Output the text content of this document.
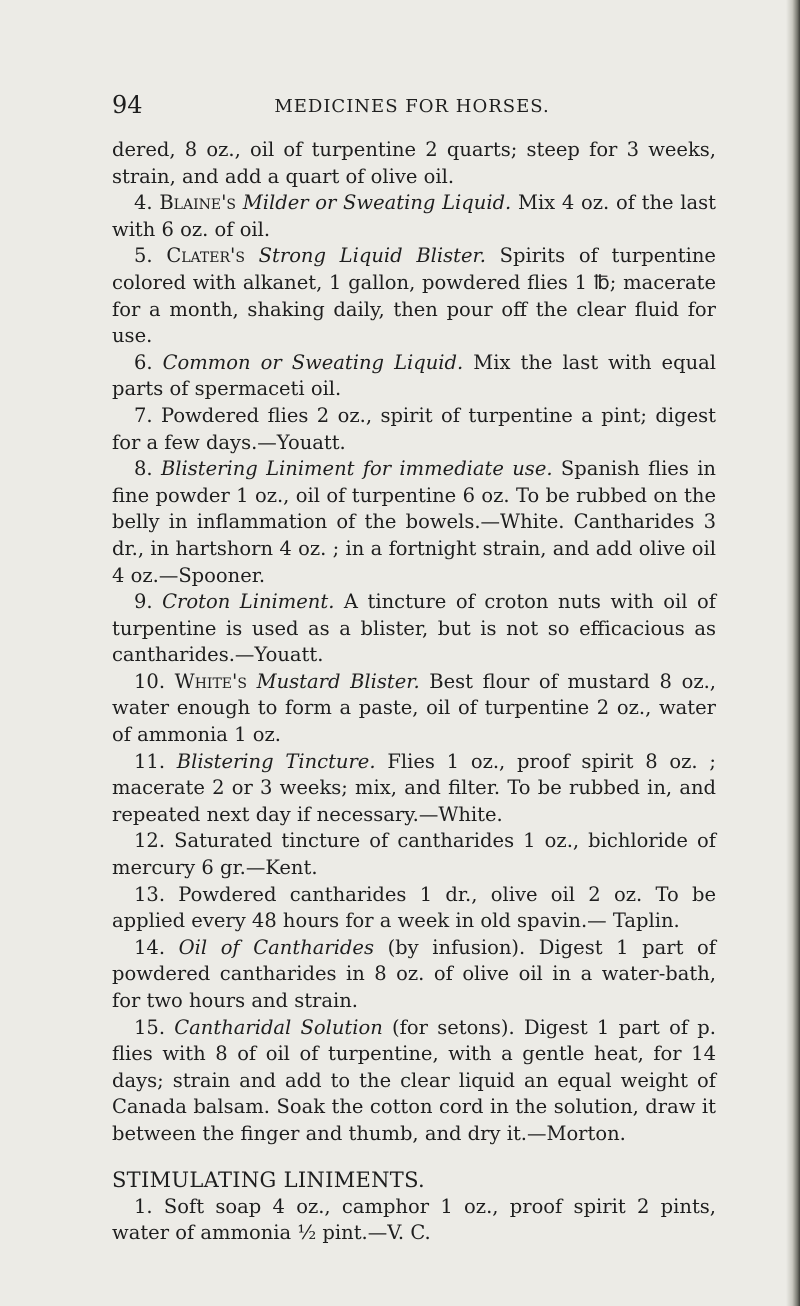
94	MEDICINES FOR HORSES.

dered, 8 oz., oil of turpentine 2 quarts; steep for 3 weeks, strain, and add a quart of olive oil.

4. Blaine's Milder or Sweating Liquid. Mix 4 oz. of the last with 6 oz. of oil.

5. Clater's Strong Liquid Blister. Spirits of turpentine colored with alkanet, 1 gallon, powdered flies 1 ℔; macerate for a month, shaking daily, then pour off the clear fluid for use.

6. Common or Sweating Liquid. Mix the last with equal parts of spermaceti oil.

7. Powdered flies 2 oz., spirit of turpentine a pint; digest for a few days.—Youatt.

8. Blistering Liniment for immediate use. Spanish flies in fine powder 1 oz., oil of turpentine 6 oz. To be rubbed on the belly in inflammation of the bowels.—White. Cantharides 3 dr., in hartshorn 4 oz. ; in a fortnight strain, and add olive oil 4 oz.—Spooner.

9. Croton Liniment. A tincture of croton nuts with oil of turpentine is used as a blister, but is not so efficacious as cantharides.—Youatt.

10. White's Mustard Blister. Best flour of mustard 8 oz., water enough to form a paste, oil of turpentine 2 oz., water of ammonia 1 oz.

11. Blistering Tincture. Flies 1 oz., proof spirit 8 oz. ; macerate 2 or 3 weeks; mix, and filter. To be rubbed in, and repeated next day if necessary.—White.

12. Saturated tincture of cantharides 1 oz., bichloride of mercury 6 gr.—Kent.

13. Powdered cantharides 1 dr., olive oil 2 oz. To be applied every 48 hours for a week in old spavin.— Taplin.

14. Oil of Cantharides (by infusion). Digest 1 part of powdered cantharides in 8 oz. of olive oil in a water-bath, for two hours and strain.

15. Cantharidal Solution (for setons). Digest 1 part of p. flies with 8 of oil of turpentine, with a gentle heat, for 14 days; strain and add to the clear liquid an equal weight of Canada balsam. Soak the cotton cord in the solution, draw it between the finger and thumb, and dry it.—Morton.

STIMULATING LINIMENTS.

1. Soft soap 4 oz., camphor 1 oz., proof spirit 2 pints, water of ammonia ½ pint.—V. C.
